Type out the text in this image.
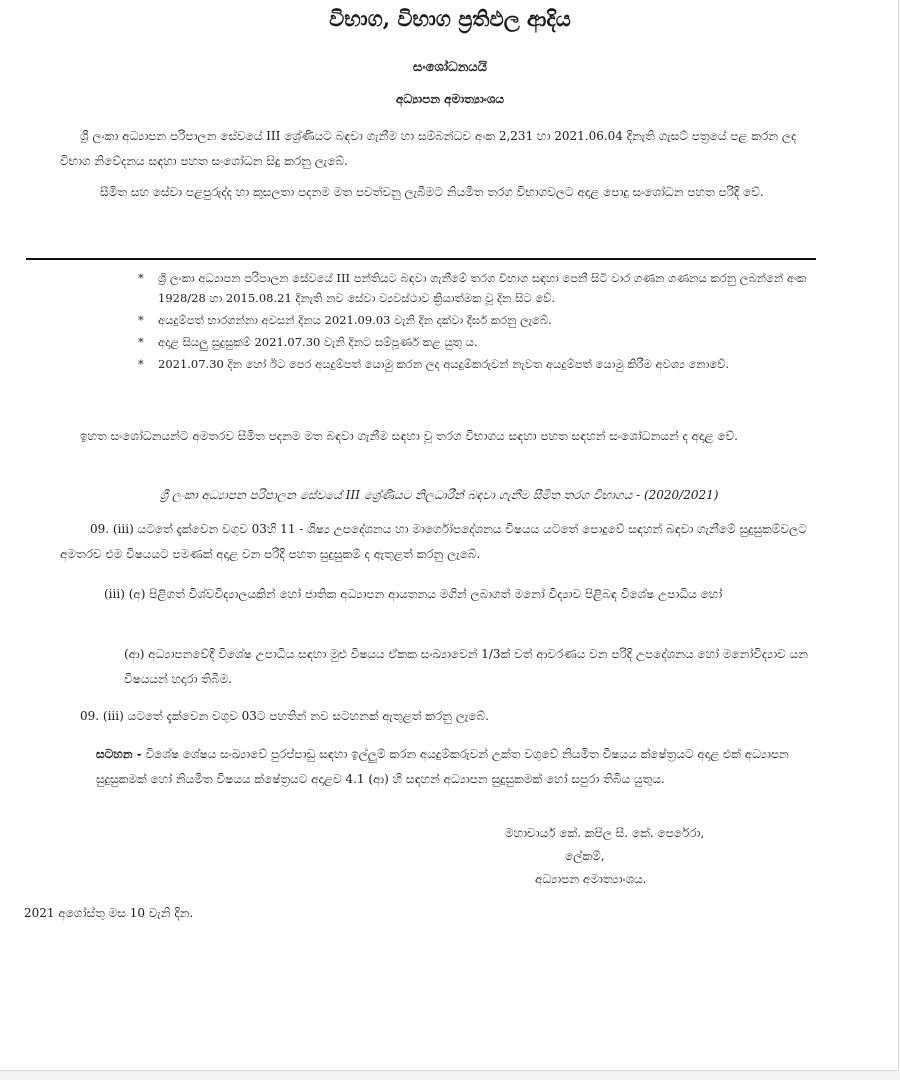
විභාග, විභාග ප්‍රතිඵල ආදිය
සංශෝධනයයි
අධ්‍යාපන අමාත්‍යාංශය

ශ්‍රී ලංකා අධ්‍යාපන පරිපාලන සේවයේ III ශ්‍රේණියට බඳවා ගැනීම හා සම්බන්ධව අංක 2,231 හා 2021.06.04 දිනැති ගැසට් පත්‍රයේ පළ කරන ලද විභාග නිවේදනය සඳහා පහත සංශෝධන සිදු කරනු ලැබේ.

සීමිත සහ සේවා පළපුරුද්ද හා කුසලතා පදනම මත පවත්වනු ලැබීමට නියමිත තරග විභාගවලට අදාළ පොදු සංශෝධන පහත පරිදි වේ.

* ශ්‍රී ලංකා අධ්‍යාපන පරිපාලන සේවයේ III පන්තියට බඳවා ගැනීමේ තරග විභාග සඳහා පෙනී සිටි වාර ගණන ගණනය කරනු ලබන්නේ අංක 1928/28 හා 2015.08.21 දිනැති නව සේවා ව්‍යවස්ථාව ක්‍රියාත්මක වූ දින සිට වේ.
* අයදුම්පත් භාරගන්නා අවසන් දිනය 2021.09.03 වැනි දින දක්වා දීර්ඝ කරනු ලැබේ.
* අදාළ සියලු සුදුසුකම් 2021.07.30 වැනි දිනට සම්පූර්ණ කළ යුතු ය.
* 2021.07.30 දින හෝ ඊට පෙර අයදුම්පත් යොමු කරන ලද අයදුම්කරුවන් නැවත අයදුම්පත් යොමු කිරීම අවශ්‍ය නොවේ.

ඉහත සංශෝධනයන්ට අමතරව සීමිත පදනම මත බඳවා ගැනීම සඳහා වූ තරග විභාගය සඳහා පහත සඳහන් සංශෝධනයන් ද අදාළ වේ.

ශ්‍රී ලංකා අධ්‍යාපන පරිපාලන සේවයේ III ශ්‍රේණියට නිලධාරීන් බඳවා ගැනීම සීමිත තරග විභාගය - (2020/2021)

09. (iii) යටතේ දැක්වෙන වගුව 03හි 11 - ශිෂ්‍ය උපදේශනය හා මාර්ගෝපදේශනය විෂයය යටතේ පොදුවේ සඳහන් බඳවා ගැනීමේ සුදුසුකම්වලට අමතරව එම විෂයයට පමණක් අදාළ වන පරිදි පහත සුදුසුකම් ද ඇතුළත් කරනු ලැබේ.

(iii) (අ) පිළිගත් විශ්වවිද්‍යාලයකින් හෝ ජාතික අධ්‍යාපන ආයතනය මගින් ලබාගත් මනෝ විද්‍යාව පිළිබඳ විශේෂ උපාධිය හෝ

(ආ) අධ්‍යාපනවේදී විශේෂ උපාධිය සඳහා මුළු විෂයය ඒකක සංඛ්‍යාවෙන් 1/3ක් වත් ආවරණය වන පරිදි උපදේශනය හෝ මනෝවිද්‍යාව යන විෂයයන් හදාරා තිබීම.

09. (iii) යටතේ දැක්වෙන වගුව 03ට පහතින් නව සටහනක් ඇතුළත් කරනු ලැබේ.

සටහන - විශේෂ ශේෂය සංඛ්‍යාවේ පුරප්පාඩු සඳහා ඉල්ලුම් කරන අයදුම්කරුවන් උක්ත වගුවේ නියමිත විෂයය ක්ෂේත්‍රයට අදාළ එක් අධ්‍යාපන සුදුසුකමක් හෝ නියමිත විෂයය ක්ෂේත්‍රයට අදාළව 4.1 (ආ) හි සඳහන් අධ්‍යාපන සුදුසුකමක් හෝ සපුරා තිබිය යුතුය.
මහාචාර්ය කේ. කපිල සී. කේ. පෙරේරා,
ලේකම්,
අධ්‍යාපන අමාත්‍යාංශය.
2021 අගෝස්තු මස 10 වැනි දින.
